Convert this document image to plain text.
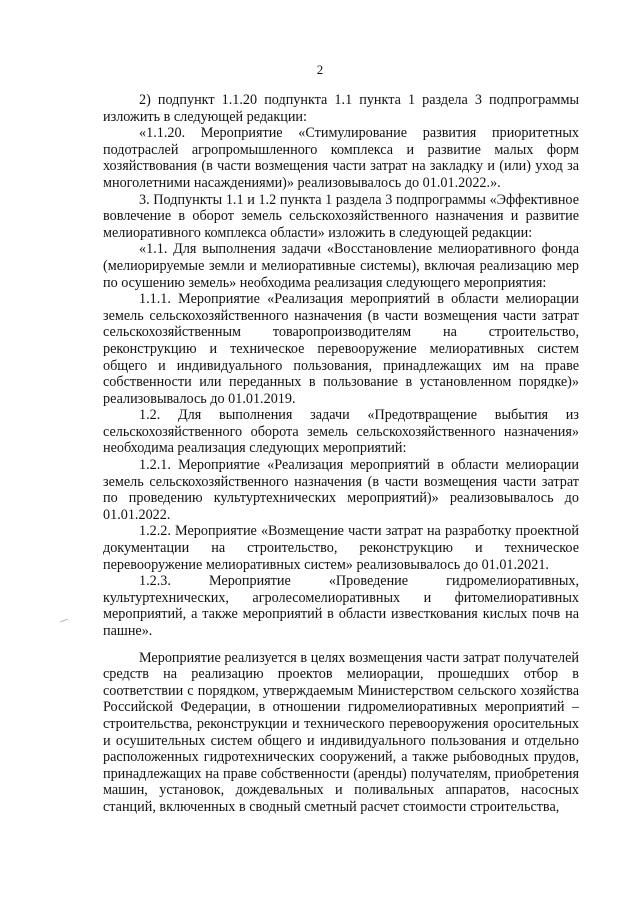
2

2) подпункт 1.1.20 подпункта 1.1 пункта 1 раздела 3 подпрограммы изложить в следующей редакции:

«1.1.20. Мероприятие «Стимулирование развития приоритетных подотраслей агропромышленного комплекса и развитие малых форм хозяйствования (в части возмещения части затрат на закладку и (или) уход за многолетними насаждениями)» реализовывалось до 01.01.2022.».

3. Подпункты 1.1 и 1.2 пункта 1 раздела 3 подпрограммы «Эффективное вовлечение в оборот земель сельскохозяйственного назначения и развитие мелиоративного комплекса области» изложить в следующей редакции:

«1.1. Для выполнения задачи «Восстановление мелиоративного фонда (мелиорируемые земли и мелиоративные системы), включая реализацию мер по осушению земель» необходима реализация следующего мероприятия:

1.1.1. Мероприятие «Реализация мероприятий в области мелиорации земель сельскохозяйственного назначения (в части возмещения части затрат сельскохозяйственным товаропроизводителям на строительство, реконструкцию и техническое перевооружение мелиоративных систем общего и индивидуального пользования, принадлежащих им на праве собственности или переданных в пользование в установленном порядке)» реализовывалось до 01.01.2019.

1.2. Для выполнения задачи «Предотвращение выбытия из сельскохозяйственного оборота земель сельскохозяйственного назначения» необходима реализация следующих мероприятий:

1.2.1. Мероприятие «Реализация мероприятий в области мелиорации земель сельскохозяйственного назначения (в части возмещения части затрат по проведению культуртехнических мероприятий)» реализовывалось до 01.01.2022.

1.2.2. Мероприятие «Возмещение части затрат на разработку проектной документации на строительство, реконструкцию и техническое перевооружение мелиоративных систем» реализовывалось до 01.01.2021.

1.2.3. Мероприятие «Проведение гидромелиоративных, культуртехнических, агролесомелиоративных и фитомелиоративных мероприятий, а также мероприятий в области известкования кислых почв на пашне».

Мероприятие реализуется в целях возмещения части затрат получателей средств на реализацию проектов мелиорации, прошедших отбор в соответствии с порядком, утверждаемым Министерством сельского хозяйства Российской Федерации, в отношении гидромелиоративных мероприятий – строительства, реконструкции и технического перевооружения оросительных и осушительных систем общего и индивидуального пользования и отдельно расположенных гидротехнических сооружений, а также рыбоводных прудов, принадлежащих на праве собственности (аренды) получателям, приобретения машин, установок, дождевальных и поливальных аппаратов, насосных станций, включенных в сводный сметный расчет стоимости строительства,
